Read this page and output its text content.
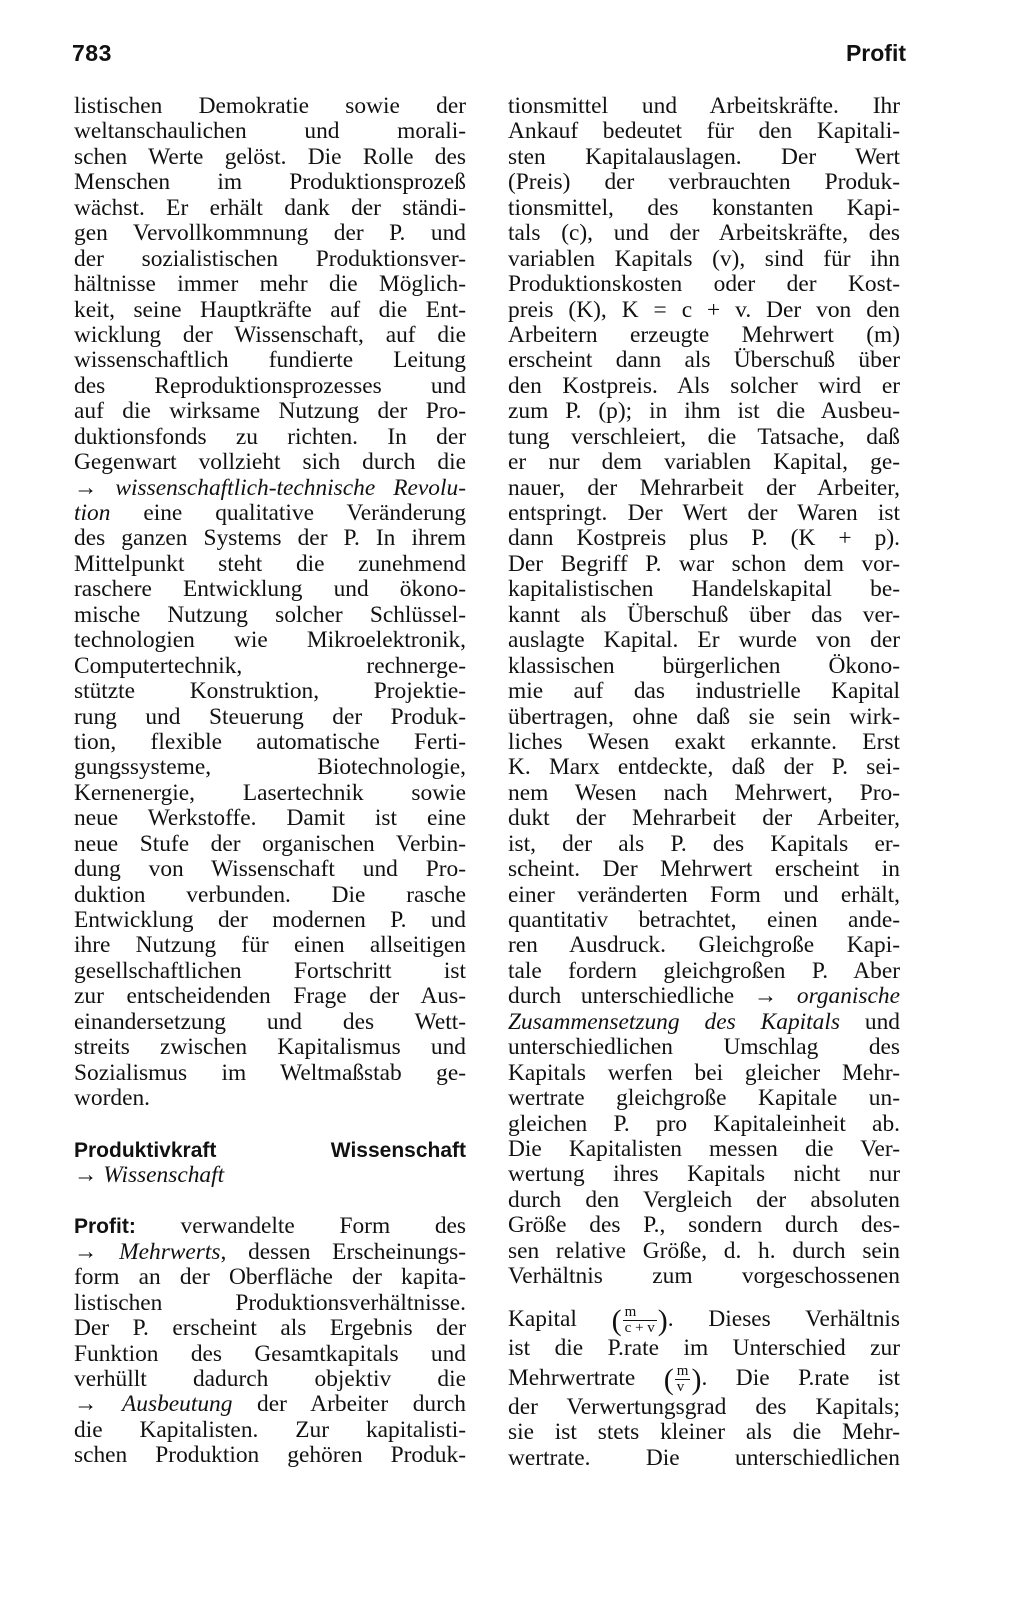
783	Profit
listischen Demokratie sowie der
weltanschaulichen und morali-
schen Werte gelöst. Die Rolle des
Menschen im Produktionsprozeß
wächst. Er erhält dank der ständi-
gen Vervollkommnung der P. und
der sozialistischen Produktionsver-
hältnisse immer mehr die Möglich-
keit, seine Hauptkräfte auf die Ent-
wicklung der Wissenschaft, auf die
wissenschaftlich fundierte Leitung
des Reproduktionsprozesses und
auf die wirksame Nutzung der Pro-
duktionsfonds zu richten. In der
Gegenwart vollzieht sich durch die
→ wissenschaftlich-technische Revolu-
tion eine qualitative Veränderung
des ganzen Systems der P. In ihrem
Mittelpunkt steht die zunehmend
raschere Entwicklung und ökono-
mische Nutzung solcher Schlüssel-
technologien wie Mikroelektronik,
Computertechnik, rechnerge-
stützte Konstruktion, Projektie-
rung und Steuerung der Produk-
tion, flexible automatische Ferti-
gungssysteme, Biotechnologie,
Kernenergie, Lasertechnik sowie
neue Werkstoffe. Damit ist eine
neue Stufe der organischen Verbin-
dung von Wissenschaft und Pro-
duktion verbunden. Die rasche
Entwicklung der modernen P. und
ihre Nutzung für einen allseitigen
gesellschaftlichen Fortschritt ist
zur entscheidenden Frage der Aus-
einandersetzung und des Wett-
streits zwischen Kapitalismus und
Sozialismus im Weltmaßstab ge-
worden.
Produktivkraft Wissenschaft
→ Wissenschaft
Profit: verwandelte Form des
→ Mehrwerts, dessen Erscheinungs-
form an der Oberfläche der kapita-
listischen Produktionsverhältnisse.
Der P. erscheint als Ergebnis der
Funktion des Gesamtkapitals und
verhüllt dadurch objektiv die
→ Ausbeutung der Arbeiter durch
die Kapitalisten. Zur kapitalisti-
schen Produktion gehören Produk-
tionsmittel und Arbeitskräfte. Ihr
Ankauf bedeutet für den Kapitali-
sten Kapitalauslagen. Der Wert
(Preis) der verbrauchten Produk-
tionsmittel, des konstanten Kapi-
tals (c), und der Arbeitskräfte, des
variablen Kapitals (v), sind für ihn
Produktionskosten oder der Kost-
preis (K), K = c + v. Der von den
Arbeitern erzeugte Mehrwert (m)
erscheint dann als Überschuß über
den Kostpreis. Als solcher wird er
zum P. (p); in ihm ist die Ausbeu-
tung verschleiert, die Tatsache, daß
er nur dem variablen Kapital, ge-
nauer, der Mehrarbeit der Arbeiter,
entspringt. Der Wert der Waren ist
dann Kostpreis plus P. (K + p).
Der Begriff P. war schon dem vor-
kapitalistischen Handelskapital be-
kannt als Überschuß über das ver-
auslagte Kapital. Er wurde von der
klassischen bürgerlichen Ökono-
mie auf das industrielle Kapital
übertragen, ohne daß sie sein wirk-
liches Wesen exakt erkannte. Erst
K. Marx entdeckte, daß der P. sei-
nem Wesen nach Mehrwert, Pro-
dukt der Mehrarbeit der Arbeiter,
ist, der als P. des Kapitals er-
scheint. Der Mehrwert erscheint in
einer veränderten Form und erhält,
quantitativ betrachtet, einen ande-
ren Ausdruck. Gleichgroße Kapi-
tale fordern gleichgroßen P. Aber
durch unterschiedliche → organische
Zusammensetzung des Kapitals und
unterschiedlichen Umschlag des
Kapitals werfen bei gleicher Mehr-
wertrate gleichgroße Kapitale un-
gleichen P. pro Kapitaleinheit ab.
Die Kapitalisten messen die Ver-
wertung ihres Kapitals nicht nur
durch den Vergleich der absoluten
Größe des P., sondern durch des-
sen relative Größe, d. h. durch sein
Verhältnis zum vorgeschossenen
Kapital ( $\frac{m}{c + v}$ ). Dieses Verhältnis
ist die P.rate im Unterschied zur
Mehrwertrate ( $\frac{m}{v}$ ). Die P.rate ist
der Verwertungsgrad des Kapitals;
sie ist stets kleiner als die Mehr-
wertrate. Die unterschiedlichen
